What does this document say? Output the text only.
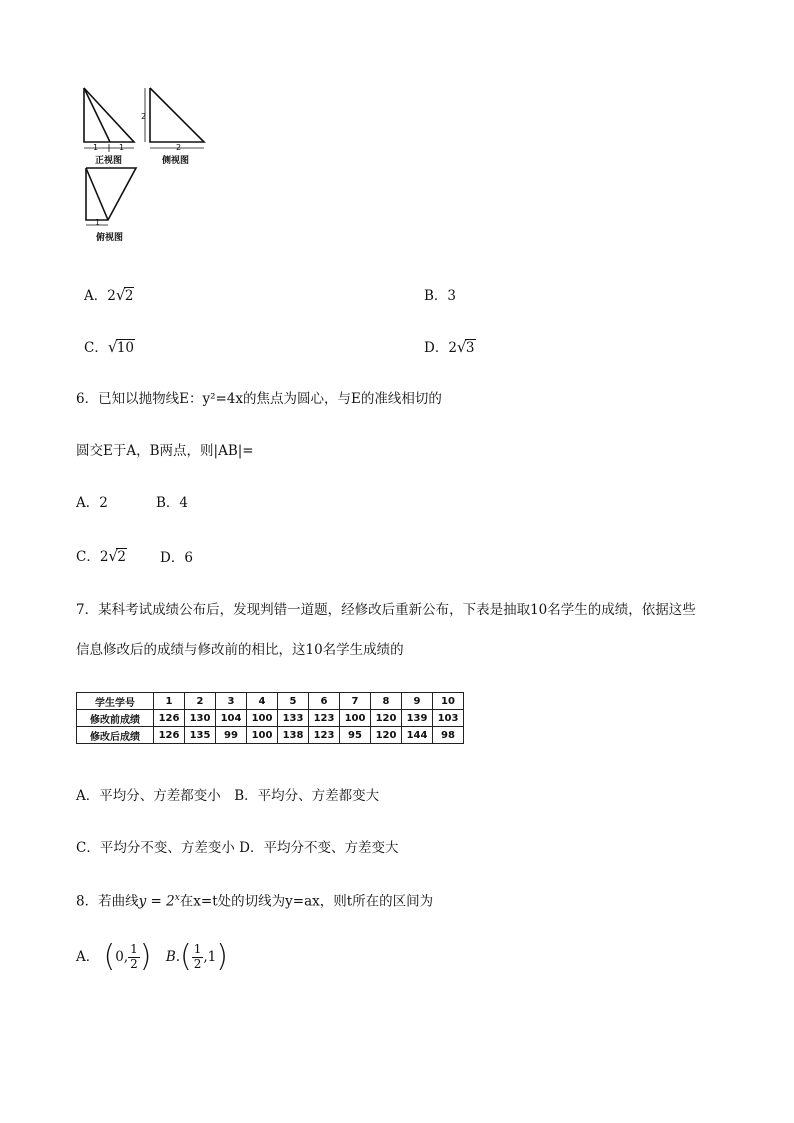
1	1
正视图
2
2
侧视图
1
俯视图
A．2 √ 2	B．3
C． √ 10	D．2 √ 3
6．已知以抛物线E：y²=4x的焦点为圆心，与E的准线相切的
圆交E于A，B两点，则|AB|=
A．2	B．4
C．2 √ 2	D．6
7．某科考试成绩公布后，发现判错一道题，经修改后重新公布，下表是抽取10名学生的成绩，依据这些
信息修改后的成绩与修改前的相比，这10名学生成绩的
学生学号	1	2	3	4	5	6	7	8	9	10
修改前成绩	126	130	104	100	133	123	100	120	139	103
修改后成绩	126	135	99	100	138	123	95	120	144	98
A．平均分、方差都变小　B．平均分、方差都变大
C．平均分不变、方差变小 D．平均分不变、方差变大
8．若曲线$y = 2^x$在x=t处的切线为y=ax，则t所在的区间为
A． (0, $\frac{1}{2}$ ) $B.( \frac{1}{2} ,1)$
